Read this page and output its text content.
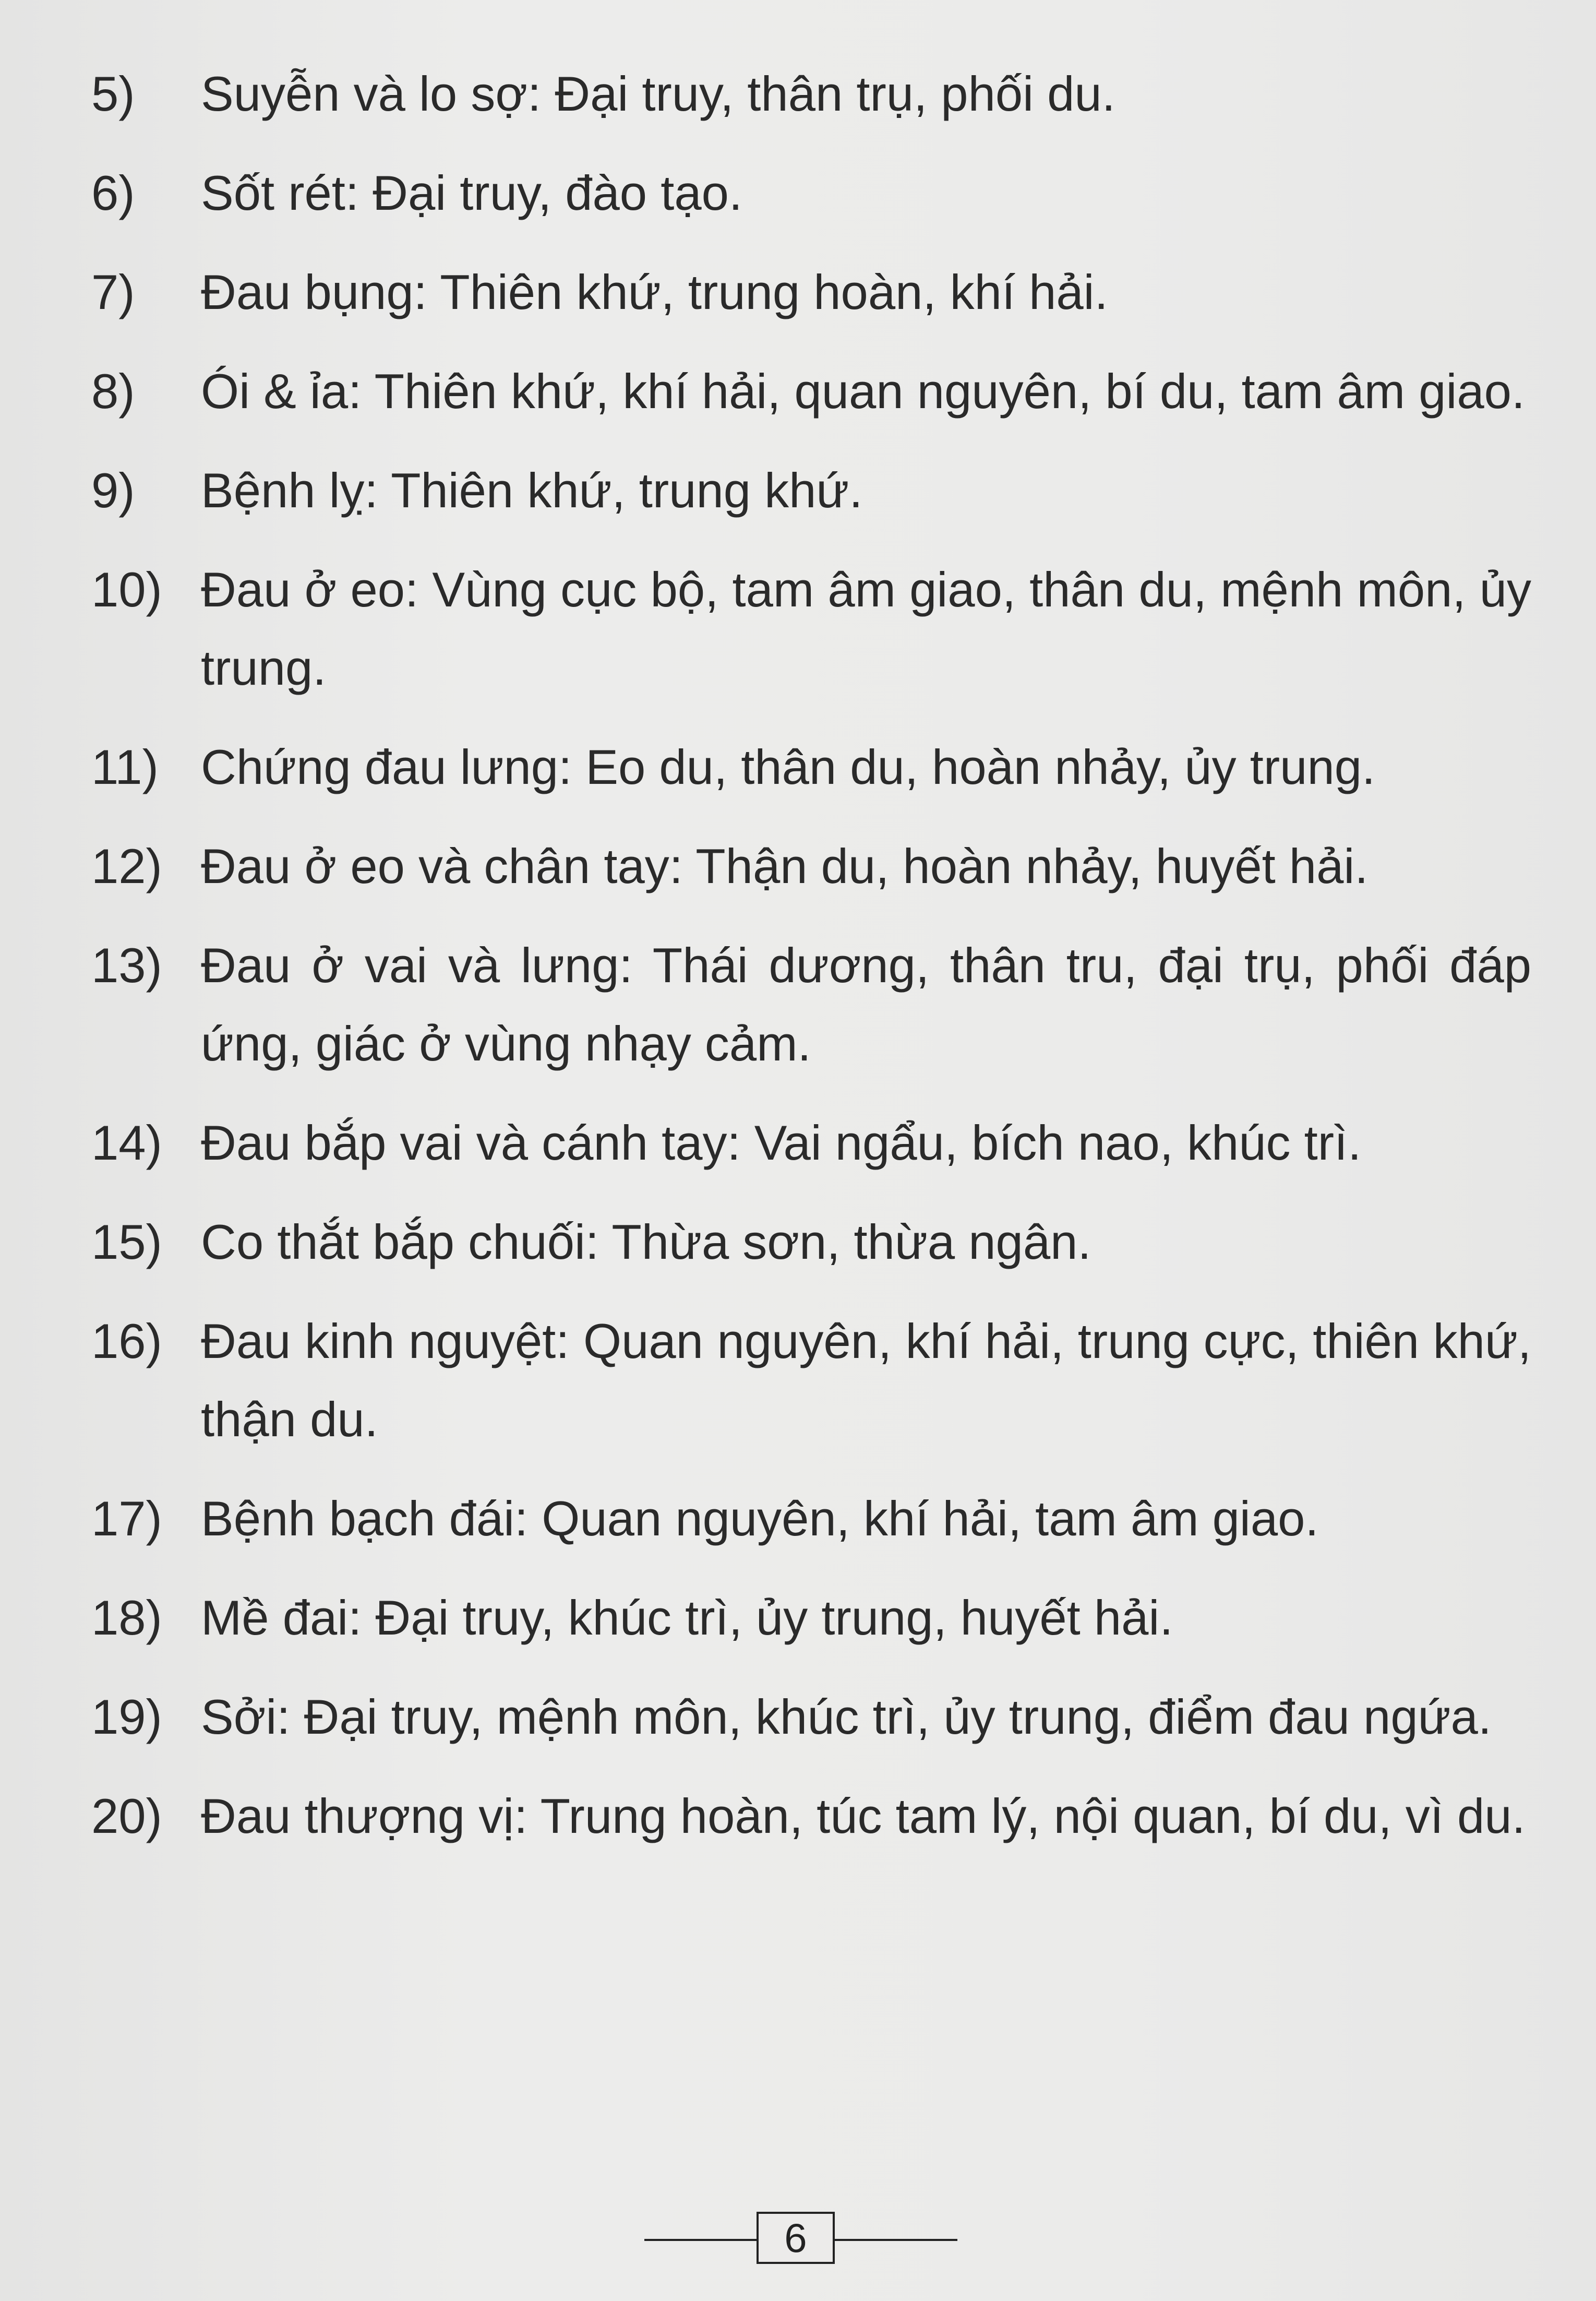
5) Suyễn và lo sợ: Đại truy, thân trụ, phối du.
6) Sốt rét: Đại truy, đào tạo.
7) Đau bụng: Thiên khứ, trung hoàn, khí hải.
8) Ói & ỉa: Thiên khứ, khí hải, quan nguyên, bí du, tam âm giao.
9) Bệnh lỵ: Thiên khứ, trung khứ.
10) Đau ở eo: Vùng cục bộ, tam âm giao, thân du, mệnh môn, ủy trung.
11) Chứng đau lưng: Eo du, thân du, hoàn nhảy, ủy trung.
12) Đau ở eo và chân tay: Thận du, hoàn nhảy, huyết hải.
13) Đau ở vai và lưng: Thái dương, thân tru, đại trụ, phối đáp ứng, giác ở vùng nhạy cảm.
14) Đau bắp vai và cánh tay: Vai ngẩu, bích nao, khúc trì.
15) Co thắt bắp chuối: Thừa sơn, thừa ngân.
16) Đau kinh nguyệt: Quan nguyên, khí hải, trung cực, thiên khứ, thận du.
17) Bệnh bạch đái: Quan nguyên, khí hải, tam âm giao.
18) Mề đai: Đại truy, khúc trì, ủy trung, huyết hải.
19) Sởi: Đại truy, mệnh môn, khúc trì, ủy trung, điểm đau ngứa.
20) Đau thượng vị: Trung hoàn, túc tam lý, nội quan, bí du, vì du.
6
